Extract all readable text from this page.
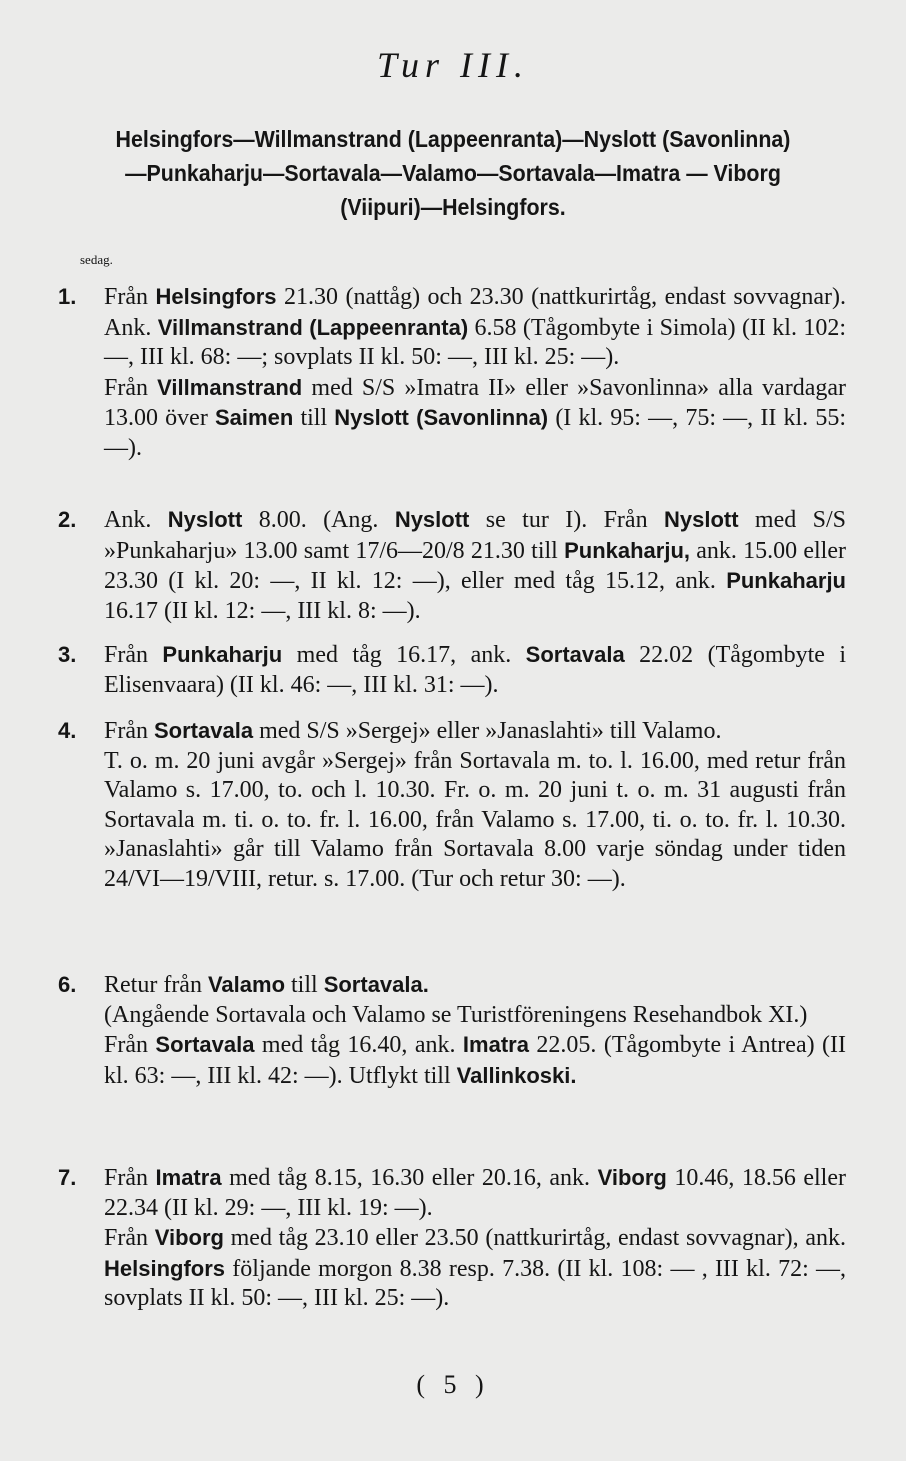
Tur III.
Helsingfors—Willmanstrand (Lappeenranta)—Nyslott (Savonlinna)
—Punkaharju—Sortavala—Valamo—Sortavala—Imatra — Viborg
(Viipuri)—Helsingfors.
sedag.
1. Från Helsingfors 21.30 (nattåg) och 23.30 (nattkurirtåg, endast sovvagnar). Ank. Villmanstrand (Lappeenranta) 6.58 (Tågombyte i Simola) (II kl. 102: —, III kl. 68: —; sovplats II kl. 50: —, III kl. 25: —).

Från Villmanstrand med S/S »Imatra II» eller »Savonlinna» alla vardagar 13.00 över Saimen till Nyslott (Savonlinna) (I kl. 95: —, 75: —, II kl. 55: —).

2. Ank. Nyslott 8.00. (Ang. Nyslott se tur I). Från Nyslott med S/S »Punkaharju» 13.00 samt 17/6—20/8 21.30 till Punkaharju, ank. 15.00 eller 23.30 (I kl. 20: —, II kl. 12: —), eller med tåg 15.12, ank. Punkaharju 16.17 (II kl. 12: —, III kl. 8: —).

3. Från Punkaharju med tåg 16.17, ank. Sortavala 22.02 (Tågombyte i Elisenvaara) (II kl. 46: —, III kl. 31: —).

4. Från Sortavala med S/S »Sergej» eller »Janaslahti» till Valamo.

T. o. m. 20 juni avgår »Sergej» från Sortavala m. to. l. 16.00, med retur från Valamo s. 17.00, to. och l. 10.30. Fr. o. m. 20 juni t. o. m. 31 augusti från Sortavala m. ti. o. to. fr. l. 16.00, från Valamo s. 17.00, ti. o. to. fr. l. 10.30. »Janaslahti» går till Valamo från Sortavala 8.00 varje söndag under tiden 24/VI—19/VIII, retur. s. 17.00. (Tur och retur 30: —).

6. Retur från Valamo till Sortavala.

(Angående Sortavala och Valamo se Turistföreningens Resehandbok XI.)

Från Sortavala med tåg 16.40, ank. Imatra 22.05. (Tågombyte i Antrea) (II kl. 63: —, III kl. 42: —). Utflykt till Vallinkoski.

7. Från Imatra med tåg 8.15, 16.30 eller 20.16, ank. Viborg 10.46, 18.56 eller 22.34 (II kl. 29: —, III kl. 19: —).

Från Viborg med tåg 23.10 eller 23.50 (nattkurirtåg, endast sovvagnar), ank. Helsingfors följande morgon 8.38 resp. 7.38. (II kl. 108: — , III kl. 72: —, sovplats II kl. 50: —, III kl. 25: —).

( 5 )
